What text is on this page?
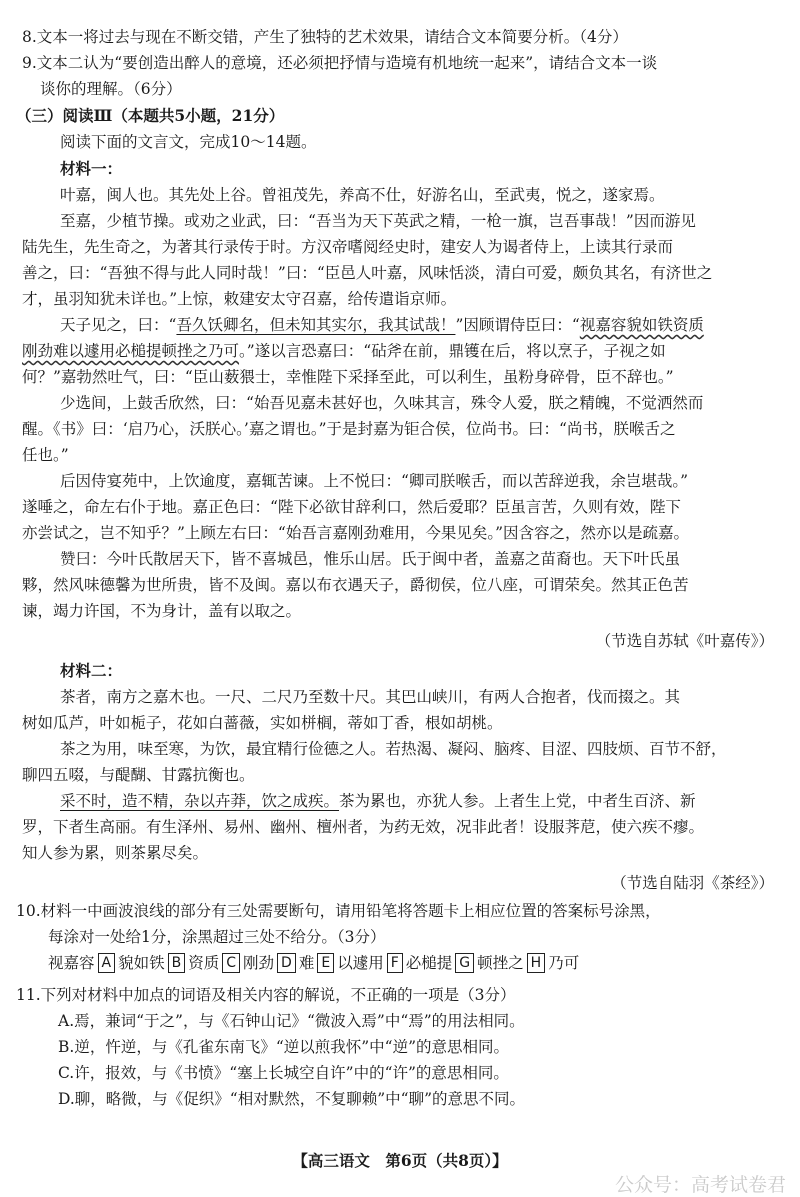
8.文本一将过去与现在不断交错，产生了独特的艺术效果，请结合文本简要分析。（4分）
9.文本二认为“要创造出醉人的意境，还必须把抒情与造境有机地统一起来”，请结合文本一谈
谈你的理解。（6分）
（三）阅读Ⅲ（本题共5小题，21分）
阅读下面的文言文，完成10～14题。
材料一：
叶嘉，闽人也。其先处上谷。曾祖茂先，养高不仕，好游名山，至武夷，悦之，遂家焉。
至嘉，少植节操。或劝之业武，曰：“吾当为天下英武之精，一枪一旗，岂吾事哉！”因而游见
陆先生，先生奇之，为著其行录传于时。方汉帝嗜阅经史时，建安人为谒者侍上，上读其行录而
善之，曰：“吾独不得与此人同时哉！”曰：“臣邑人叶嘉，风味恬淡，清白可爱，颇负其名，有济世之
才，虽羽知犹未详也。”上惊，敕建安太守召嘉，给传遣诣京师。
天子见之，曰：“吾久饫卿名，但未知其实尔，我其试哉！”因顾谓侍臣曰：“视嘉容貌如铁资质
刚劲难以遽用必槌提顿挫之乃可。”遂以言恐嘉曰：“砧斧在前，鼎镬在后，将以烹子，子视之如
何？”嘉勃然吐气，曰：“臣山薮猥士，幸惟陛下采择至此，可以利生，虽粉身碎骨，臣不辞也。”
少选间，上鼓舌欣然，曰：“始吾见嘉未甚好也，久味其言，殊令人爱，朕之精魄，不觉洒然而
醒。《书》曰：‘启乃心，沃朕心。’嘉之谓也。”于是封嘉为钜合侯，位尚书。曰：“尚书，朕喉舌之
任也。”
后因侍宴苑中，上饮逾度，嘉辄苦谏。上不悦曰：“卿司朕喉舌，而以苦辞逆我，余岂堪哉。”
遂唾之，命左右仆于地。嘉正色曰：“陛下必欲甘辞利口，然后爱耶？臣虽言苦，久则有效，陛下
亦尝试之，岂不知乎？”上顾左右曰：“始吾言嘉刚劲难用，今果见矣。”因含容之，然亦以是疏嘉。
赞曰：今叶氏散居天下，皆不喜城邑，惟乐山居。氏于闽中者，盖嘉之苗裔也。天下叶氏虽
夥，然风味德馨为世所贵，皆不及闽。嘉以布衣遇天子，爵彻侯，位八座，可谓荣矣。然其正色苦
谏，竭力许国，不为身计，盖有以取之。
（节选自苏轼《叶嘉传》）
材料二：
茶者，南方之嘉木也。一尺、二尺乃至数十尺。其巴山峡川，有两人合抱者，伐而掇之。其
树如瓜芦，叶如栀子，花如白蔷薇，实如栟榈，蒂如丁香，根如胡桃。
茶之为用，味至寒，为饮，最宜精行俭德之人。若热渴、凝闷、脑疼、目涩、四肢烦、百节不舒，
聊四五啜，与醍醐、甘露抗衡也。
采不时，造不精，杂以卉莽，饮之成疾。茶为累也，亦犹人参。上者生上党，中者生百济、新
罗，下者生高丽。有生泽州、易州、幽州、檀州者，为药无效，况非此者！设服荠苨，使六疾不瘳。
知人参为累，则茶累尽矣。
（节选自陆羽《茶经》）
10.材料一中画波浪线的部分有三处需要断句，请用铅笔将答题卡上相应位置的答案标号涂黑，
每涂对一处给1分，涂黑超过三处不给分。（3分）
视嘉容 A 貌如铁 B 资质 C 刚劲 D 难 E 以遽用 F 必槌提 G 顿挫之 H 乃可
11.下列对材料中加点的词语及相关内容的解说，不正确的一项是（3分）
A.焉，兼词“于之”，与《石钟山记》“微波入焉”中“焉”的用法相同。
B.逆，忤逆，与《孔雀东南飞》“逆以煎我怀”中“逆”的意思相同。
C.许，报效，与《书愤》“塞上长城空自许”中的“许”的意思相同。
D.聊，略微，与《促织》“相对默然，不复聊赖”中“聊”的意思不同。
【高三语文　第6页（共8页）】
公众号：高考试卷君
